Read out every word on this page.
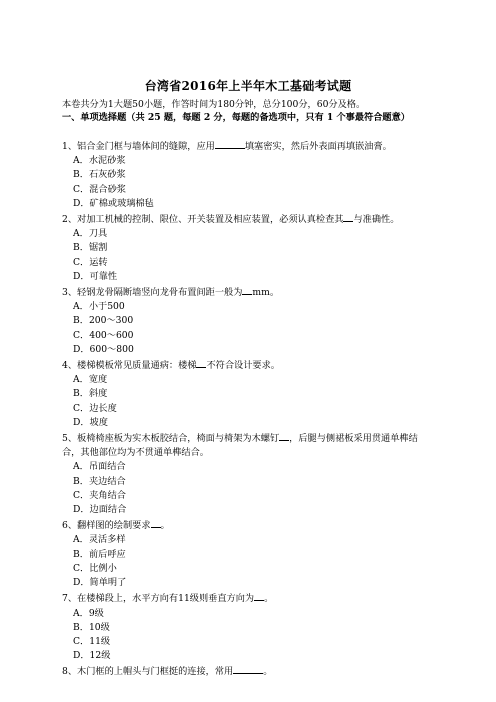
台湾省2016年上半年木工基础考试题
本卷共分为1大题50小题，作答时间为180分钟，总分100分，60分及格。
一、单项选择题（共 25 题，每题 2 分，每题的备选项中，只有 1 个事最符合题意）

1、铝合金门框与墙体间的缝隙，应用	填塞密实，然后外表面再填嵌油膏。

A．水泥砂浆

B．石灰砂浆

C．混合砂浆

D．矿棉或玻璃棉毡

2、对加工机械的控制、限位、开关装置及相应装置，必须认真检查其 与准确性。

A．刀具

B．锯割

C．运转

D．可靠性

3、轻钢龙骨隔断墙竖向龙骨布置间距一般为 mm。

A．小于500

B．200～300

C．400～600

D．600～800

4、楼梯模板常见质量通病：楼梯 不符合设计要求。

A．宽度

B．斜度

C．边长度

D．坡度

5、板椅椅座板为实木板胶结合，椅面与椅架为木螺钉 ，后腿与侧裙板采用贯通单榫结合，其他部位均为不贯通单榫结合。

A．吊面结合

B．夹边结合

C．夹角结合

D．边面结合

6、翻样图的绘制要求 。

A．灵活多样

B．前后呼应

C．比例小

D．简单明了

7、在楼梯段上，水平方向有11级则垂直方向为 。

A．9级

B．10级

C．11级

D．12级

8、木门框的上帽头与门框挺的连接，常用	。
